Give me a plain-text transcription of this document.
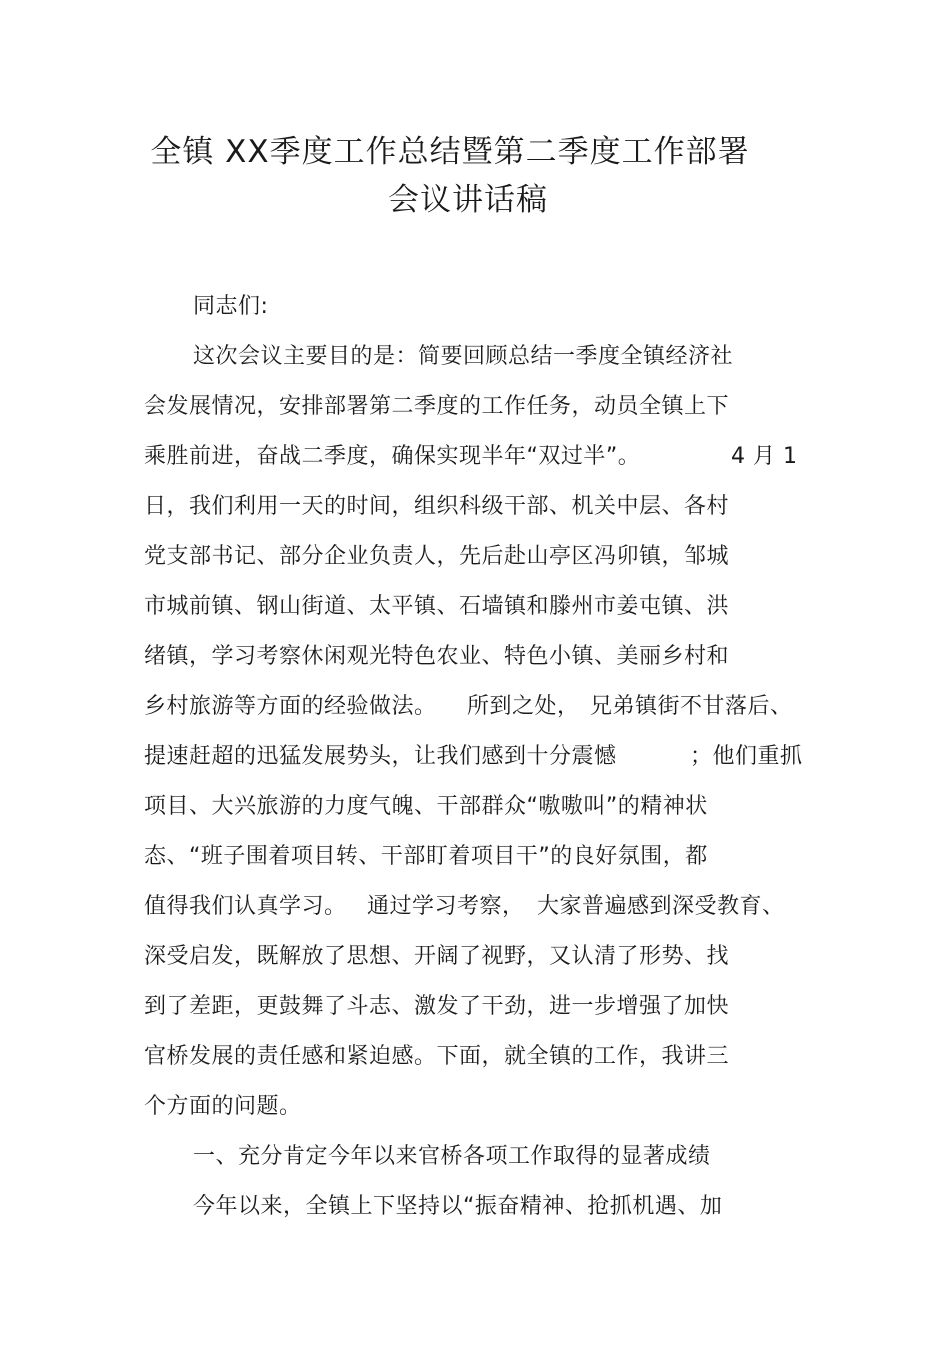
全镇 XX季度工作总结暨第二季度工作部署
会议讲话稿
同志们:
这次会议主要目的是：简要回顾总结一季度全镇经济社
会发展情况，安排部署第二季度的工作任务，动员全镇上下
乘胜前进，奋战二季度，确保实现半年“双过半”。	4 月 1
日，我们利用一天的时间，组织科级干部、机关中层、各村
党支部书记、部分企业负责人，先后赴山亭区冯卯镇，邹城
市城前镇、钢山街道、太平镇、石墙镇和滕州市姜屯镇、洪
绪镇，学习考察休闲观光特色农业、特色小镇、美丽乡村和
乡村旅游等方面的经验做法。 所到之处， 兄弟镇街不甘落后、
提速赶超的迅猛发展势头，让我们感到十分震憾	；他们重抓
项目、大兴旅游的力度气魄、干部群众“嗷嗷叫”的精神状
态、“班子围着项目转、干部盯着项目干”的良好氛围，都
值得我们认真学习。 通过学习考察， 大家普遍感到深受教育、
深受启发，既解放了思想、开阔了视野，又认清了形势、找
到了差距，更鼓舞了斗志、激发了干劲，进一步增强了加快
官桥发展的责任感和紧迫感。下面，就全镇的工作，我讲三
个方面的问题。
一、充分肯定今年以来官桥各项工作取得的显著成绩
今年以来，全镇上下坚持以“振奋精神、抢抓机遇、加
